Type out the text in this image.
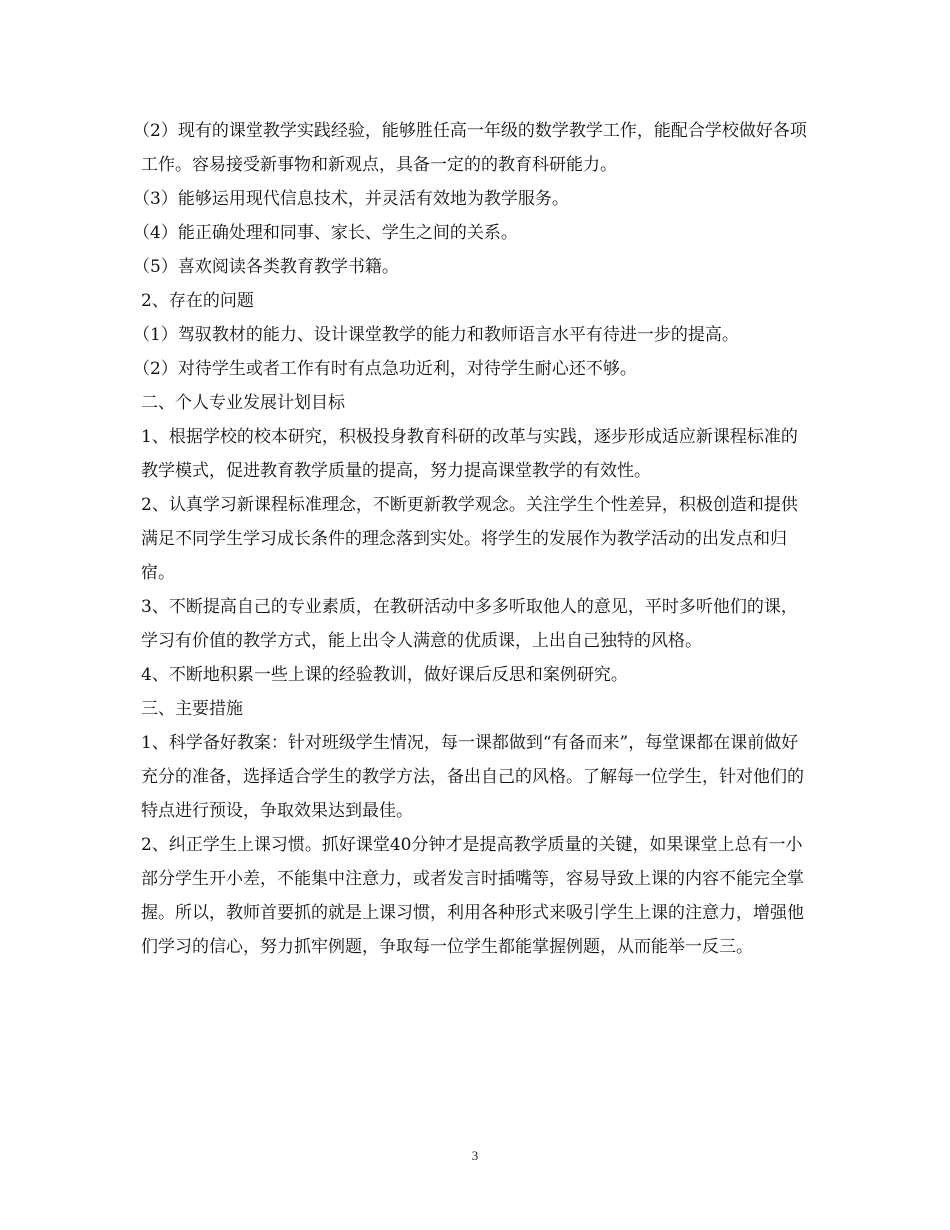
（2）现有的课堂教学实践经验，能够胜任高一年级的数学教学工作，能配合学校做好各项工作。容易接受新事物和新观点，具备一定的的教育科研能力。

（3）能够运用现代信息技术，并灵活有效地为教学服务。

（4）能正确处理和同事、家长、学生之间的关系。

（5）喜欢阅读各类教育教学书籍。

2、存在的问题

（1）驾驭教材的能力、设计课堂教学的能力和教师语言水平有待进一步的提高。

（2）对待学生或者工作有时有点急功近利，对待学生耐心还不够。

二、个人专业发展计划目标

1、根据学校的校本研究，积极投身教育科研的改革与实践，逐步形成适应新课程标准的教学模式，促进教育教学质量的提高，努力提高课堂教学的有效性。

2、认真学习新课程标准理念，不断更新教学观念。关注学生个性差异，积极创造和提供满足不同学生学习成长条件的理念落到实处。将学生的发展作为教学活动的出发点和归宿。

3、不断提高自己的专业素质，在教研活动中多多听取他人的意见，平时多听他们的课，学习有价值的教学方式，能上出令人满意的优质课，上出自己独特的风格。

4、不断地积累一些上课的经验教训，做好课后反思和案例研究。

三、主要措施

1、科学备好教案：针对班级学生情况，每一课都做到“有备而来”，每堂课都在课前做好充分的准备，选择适合学生的教学方法，备出自己的风格。了解每一位学生，针对他们的特点进行预设，争取效果达到最佳。

2、纠正学生上课习惯。抓好课堂40分钟才是提高教学质量的关键，如果课堂上总有一小部分学生开小差，不能集中注意力，或者发言时插嘴等，容易导致上课的内容不能完全掌握。所以，教师首要抓的就是上课习惯，利用各种形式来吸引学生上课的注意力，增强他们学习的信心，努力抓牢例题，争取每一位学生都能掌握例题，从而能举一反三。

3
